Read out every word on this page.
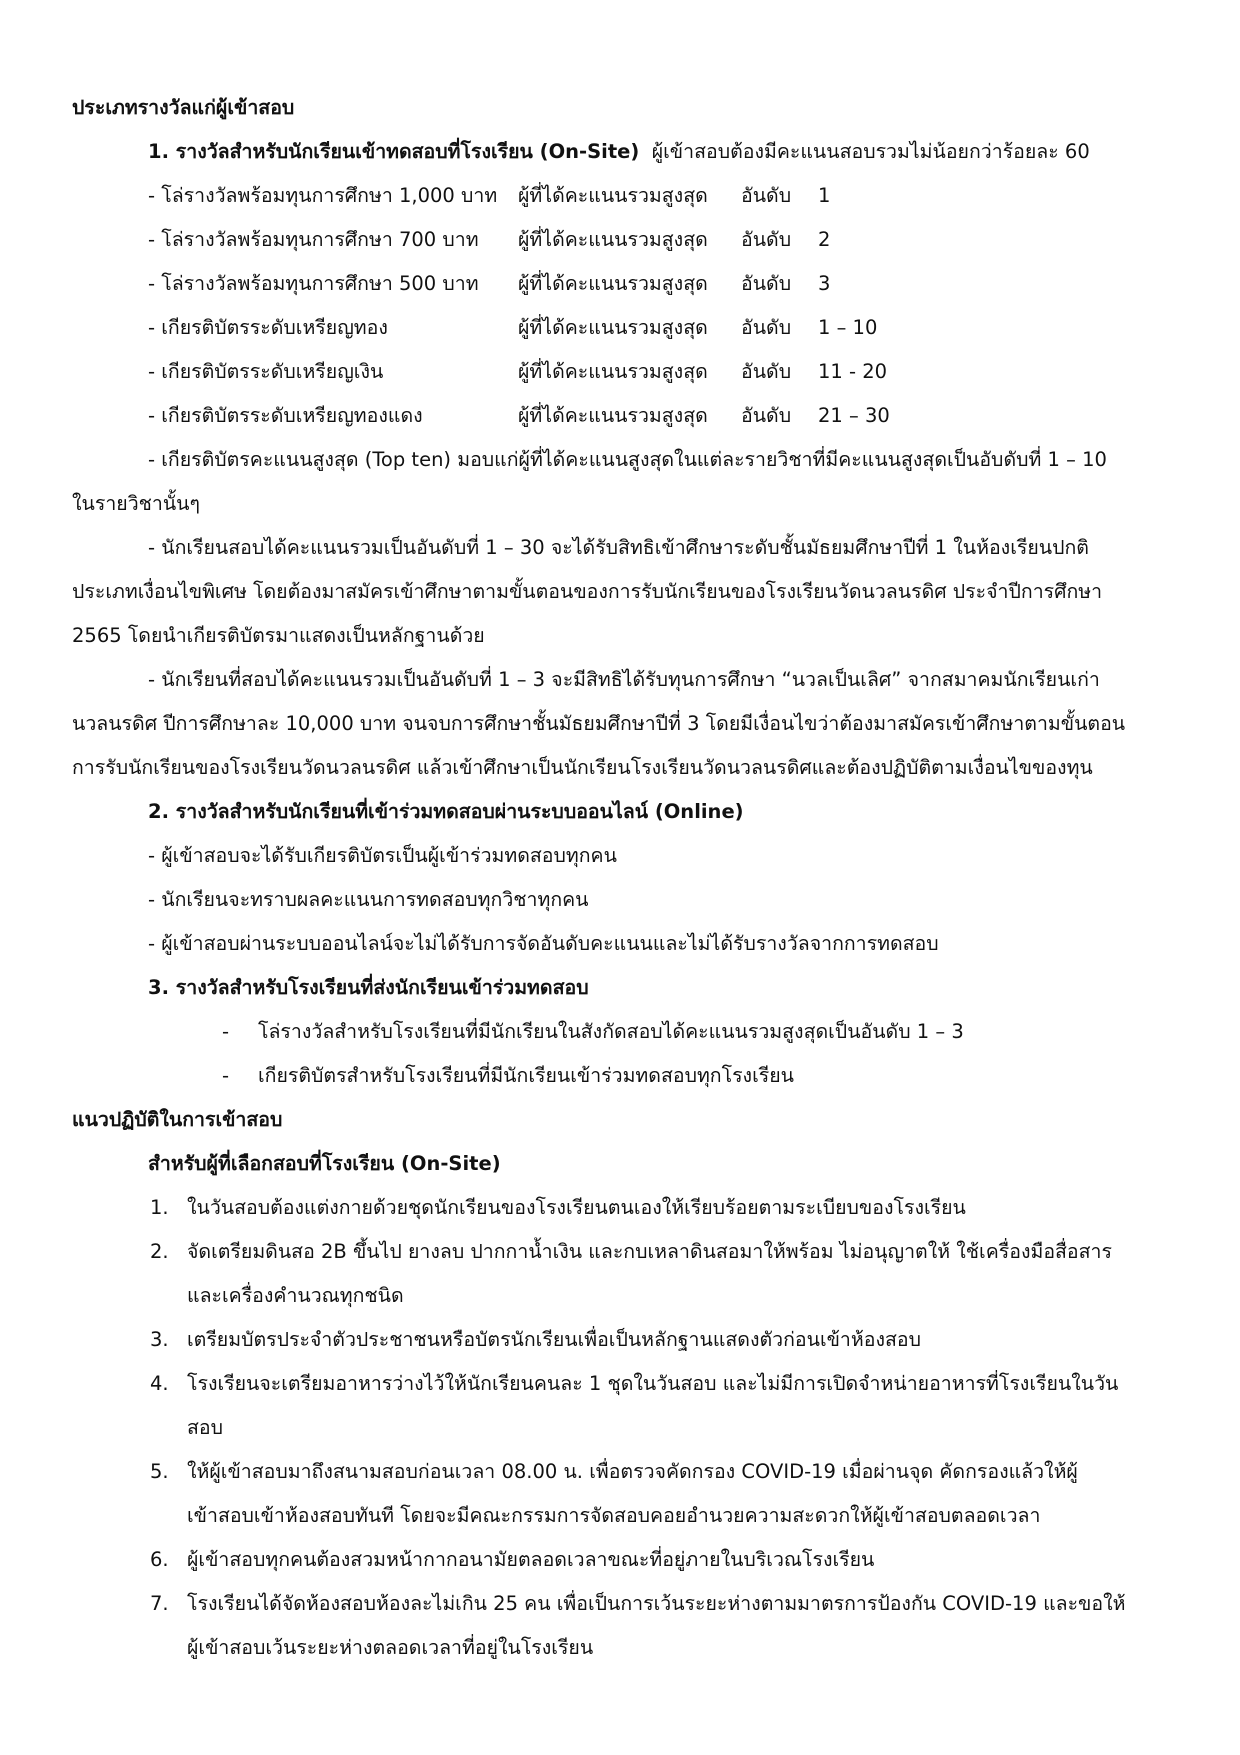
ประเภทรางวัลแก่ผู้เข้าสอบ
1. รางวัลสำหรับนักเรียนเข้าทดสอบที่โรงเรียน (On-Site) ผู้เข้าสอบต้องมีคะแนนสอบรวมไม่น้อยกว่าร้อยละ 60
- โล่รางวัลพร้อมทุนการศึกษา 1,000 บาท ผู้ที่ได้คะแนนรวมสูงสุด อันดับ 1
- โล่รางวัลพร้อมทุนการศึกษา 700 บาท ผู้ที่ได้คะแนนรวมสูงสุด อันดับ 2
- โล่รางวัลพร้อมทุนการศึกษา 500 บาท ผู้ที่ได้คะแนนรวมสูงสุด อันดับ 3
- เกียรติบัตรระดับเหรียญทอง	ผู้ที่ได้คะแนนรวมสูงสุด อันดับ 1 – 10
- เกียรติบัตรระดับเหรียญเงิน	ผู้ที่ได้คะแนนรวมสูงสุด อันดับ 11 - 20
- เกียรติบัตรระดับเหรียญทองแดง	ผู้ที่ได้คะแนนรวมสูงสุด อันดับ 21 – 30
- เกียรติบัตรคะแนนสูงสุด (Top ten) มอบแก่ผู้ที่ได้คะแนนสูงสุดในแต่ละรายวิชาที่มีคะแนนสูงสุดเป็นอับดับที่ 1 – 10
ในรายวิชานั้นๆ
- นักเรียนสอบได้คะแนนรวมเป็นอันดับที่ 1 – 30 จะได้รับสิทธิเข้าศึกษาระดับชั้นมัธยมศึกษาปีที่ 1 ในห้องเรียนปกติ
ประเภทเงื่อนไขพิเศษ โดยต้องมาสมัครเข้าศึกษาตามขั้นตอนของการรับนักเรียนของโรงเรียนวัดนวลนรดิศ ประจำปีการศึกษา
2565 โดยนำเกียรติบัตรมาแสดงเป็นหลักฐานด้วย
- นักเรียนที่สอบได้คะแนนรวมเป็นอันดับที่ 1 – 3 จะมีสิทธิได้รับทุนการศึกษา “นวลเป็นเลิศ” จากสมาคมนักเรียนเก่า
นวลนรดิศ ปีการศึกษาละ 10,000 บาท จนจบการศึกษาชั้นมัธยมศึกษาปีที่ 3 โดยมีเงื่อนไขว่าต้องมาสมัครเข้าศึกษาตามขั้นตอน
การรับนักเรียนของโรงเรียนวัดนวลนรดิศ แล้วเข้าศึกษาเป็นนักเรียนโรงเรียนวัดนวลนรดิศและต้องปฏิบัติตามเงื่อนไขของทุน
2. รางวัลสำหรับนักเรียนที่เข้าร่วมทดสอบผ่านระบบออนไลน์ (Online)
- ผู้เข้าสอบจะได้รับเกียรติบัตรเป็นผู้เข้าร่วมทดสอบทุกคน
- นักเรียนจะทราบผลคะแนนการทดสอบทุกวิชาทุกคน
- ผู้เข้าสอบผ่านระบบออนไลน์จะไม่ได้รับการจัดอันดับคะแนนและไม่ได้รับรางวัลจากการทดสอบ
3. รางวัลสำหรับโรงเรียนที่ส่งนักเรียนเข้าร่วมทดสอบ
- โล่รางวัลสำหรับโรงเรียนที่มีนักเรียนในสังกัดสอบได้คะแนนรวมสูงสุดเป็นอันดับ 1 – 3
- เกียรติบัตรสำหรับโรงเรียนที่มีนักเรียนเข้าร่วมทดสอบทุกโรงเรียน
แนวปฏิบัติในการเข้าสอบ
สำหรับผู้ที่เลือกสอบที่โรงเรียน (On-Site)
1. ในวันสอบต้องแต่งกายด้วยชุดนักเรียนของโรงเรียนตนเองให้เรียบร้อยตามระเบียบของโรงเรียน
2. จัดเตรียมดินสอ 2B ขึ้นไป ยางลบ ปากกาน้ำเงิน และกบเหลาดินสอมาให้พร้อม ไม่อนุญาตให้ ใช้เครื่องมือสื่อสาร
และเครื่องคำนวณทุกชนิด
3. เตรียมบัตรประจำตัวประชาชนหรือบัตรนักเรียนเพื่อเป็นหลักฐานแสดงตัวก่อนเข้าห้องสอบ
4. โรงเรียนจะเตรียมอาหารว่างไว้ให้นักเรียนคนละ 1 ชุดในวันสอบ และไม่มีการเปิดจำหน่ายอาหารที่โรงเรียนในวัน
สอบ
5. ให้ผู้เข้าสอบมาถึงสนามสอบก่อนเวลา 08.00 น. เพื่อตรวจคัดกรอง COVID-19 เมื่อผ่านจุด คัดกรองแล้วให้ผู้
เข้าสอบเข้าห้องสอบทันที โดยจะมีคณะกรรมการจัดสอบคอยอำนวยความสะดวกให้ผู้เข้าสอบตลอดเวลา
6. ผู้เข้าสอบทุกคนต้องสวมหน้ากากอนามัยตลอดเวลาขณะที่อยู่ภายในบริเวณโรงเรียน
7. โรงเรียนได้จัดห้องสอบห้องละไม่เกิน 25 คน เพื่อเป็นการเว้นระยะห่างตามมาตรการป้องกัน COVID-19 และขอให้
ผู้เข้าสอบเว้นระยะห่างตลอดเวลาที่อยู่ในโรงเรียน
